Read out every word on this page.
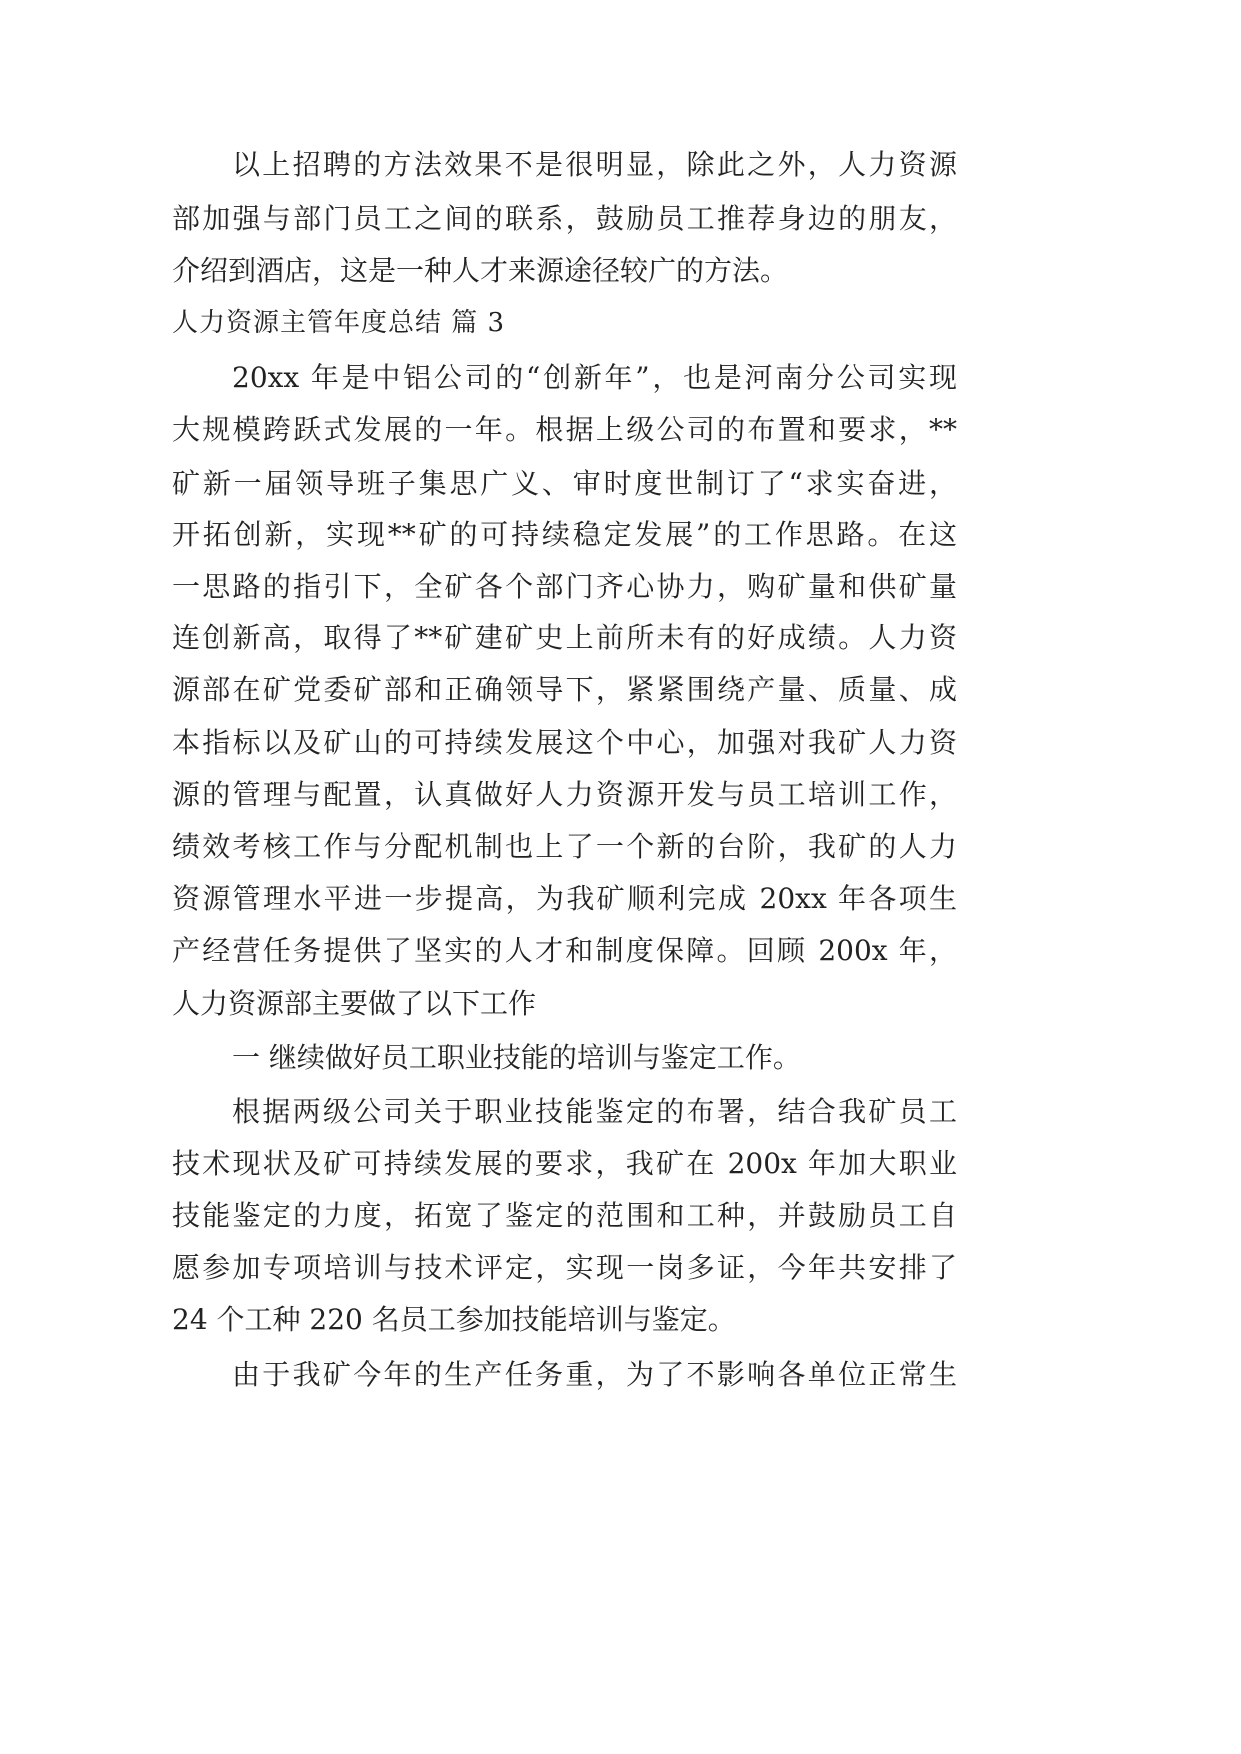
以上招聘的方法效果不是很明显，除此之外，人力资源
部加强与部门员工之间的联系，鼓励员工推荐身边的朋友，
介绍到酒店，这是一种人才来源途径较广的方法。
人力资源主管年度总结 篇 3
20xx 年是中铝公司的“创新年”，也是河南分公司实现
大规模跨跃式发展的一年。根据上级公司的布置和要求，**
矿新一届领导班子集思广义、审时度世制订了“求实奋进，
开拓创新，实现**矿的可持续稳定发展”的工作思路。在这
一思路的指引下，全矿各个部门齐心协力，购矿量和供矿量
连创新高，取得了**矿建矿史上前所未有的好成绩。人力资
源部在矿党委矿部和正确领导下，紧紧围绕产量、质量、成
本指标以及矿山的可持续发展这个中心，加强对我矿人力资
源的管理与配置，认真做好人力资源开发与员工培训工作，
绩效考核工作与分配机制也上了一个新的台阶，我矿的人力
资源管理水平进一步提高，为我矿顺利完成 20xx 年各项生
产经营任务提供了坚实的人才和制度保障。回顾 200x 年，
人力资源部主要做了以下工作
一 继续做好员工职业技能的培训与鉴定工作。
根据两级公司关于职业技能鉴定的布署，结合我矿员工
技术现状及矿可持续发展的要求，我矿在 200x 年加大职业
技能鉴定的力度，拓宽了鉴定的范围和工种，并鼓励员工自
愿参加专项培训与技术评定，实现一岗多证，今年共安排了
24 个工种 220 名员工参加技能培训与鉴定。
由于我矿今年的生产任务重，为了不影响各单位正常生
